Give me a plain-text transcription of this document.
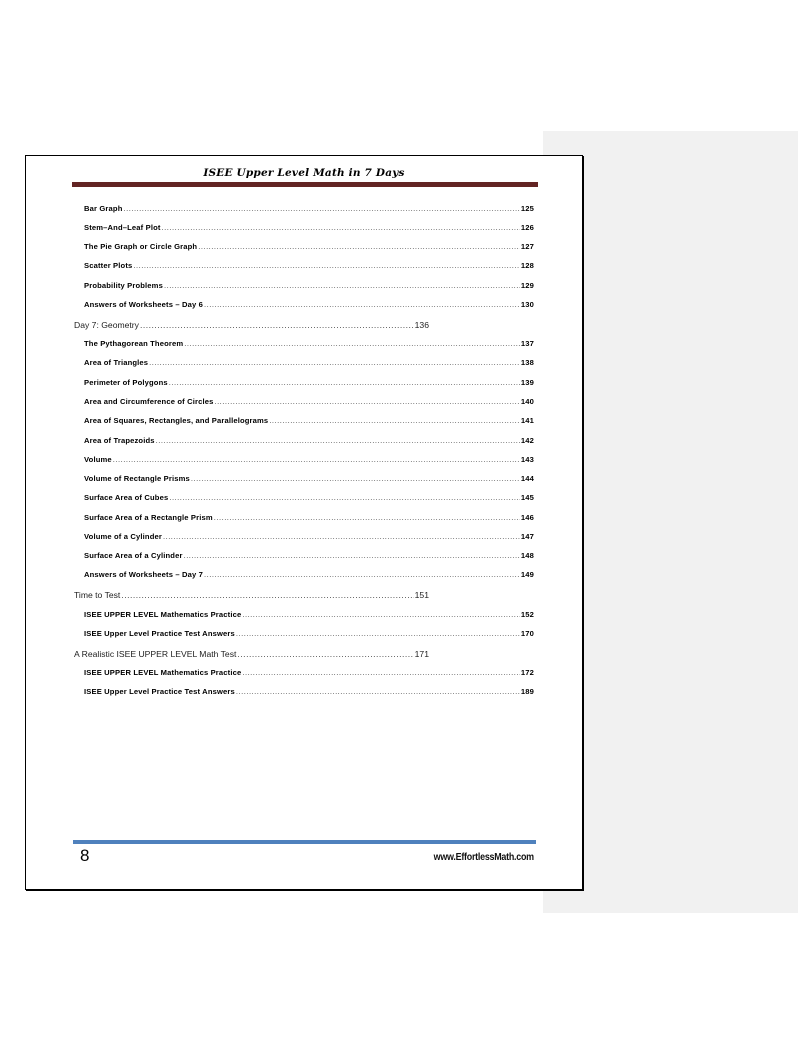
ISEE Upper Level Math in 7 Days
Bar Graph .....	125
Stem–And–Leaf Plot .....	126
The Pie Graph or Circle Graph .....	127
Scatter Plots .....	128
Probability Problems .....	129
Answers of Worksheets – Day 6 .....	130
Day 7: Geometry .....	136
The Pythagorean Theorem .....	137
Area of Triangles .....	138
Perimeter of Polygons .....	139
Area and Circumference of Circles .....	140
Area of Squares, Rectangles, and Parallelograms .....	141
Area of Trapezoids .....	142
Volume .....	143
Volume of Rectangle Prisms .....	144
Surface Area of Cubes .....	145
Surface Area of a Rectangle Prism .....	146
Volume of a Cylinder .....	147
Surface Area of a Cylinder .....	148
Answers of Worksheets – Day 7 .....	149
Time to Test .....	151
ISEE UPPER LEVEL Mathematics Practice .....	152
ISEE Upper Level Practice Test Answers .....	170
A Realistic ISEE UPPER LEVEL Math Test .....	171
ISEE UPPER LEVEL Mathematics Practice .....	172
ISEE Upper Level Practice Test Answers .....	189
8	www.EffortlessMath.com
